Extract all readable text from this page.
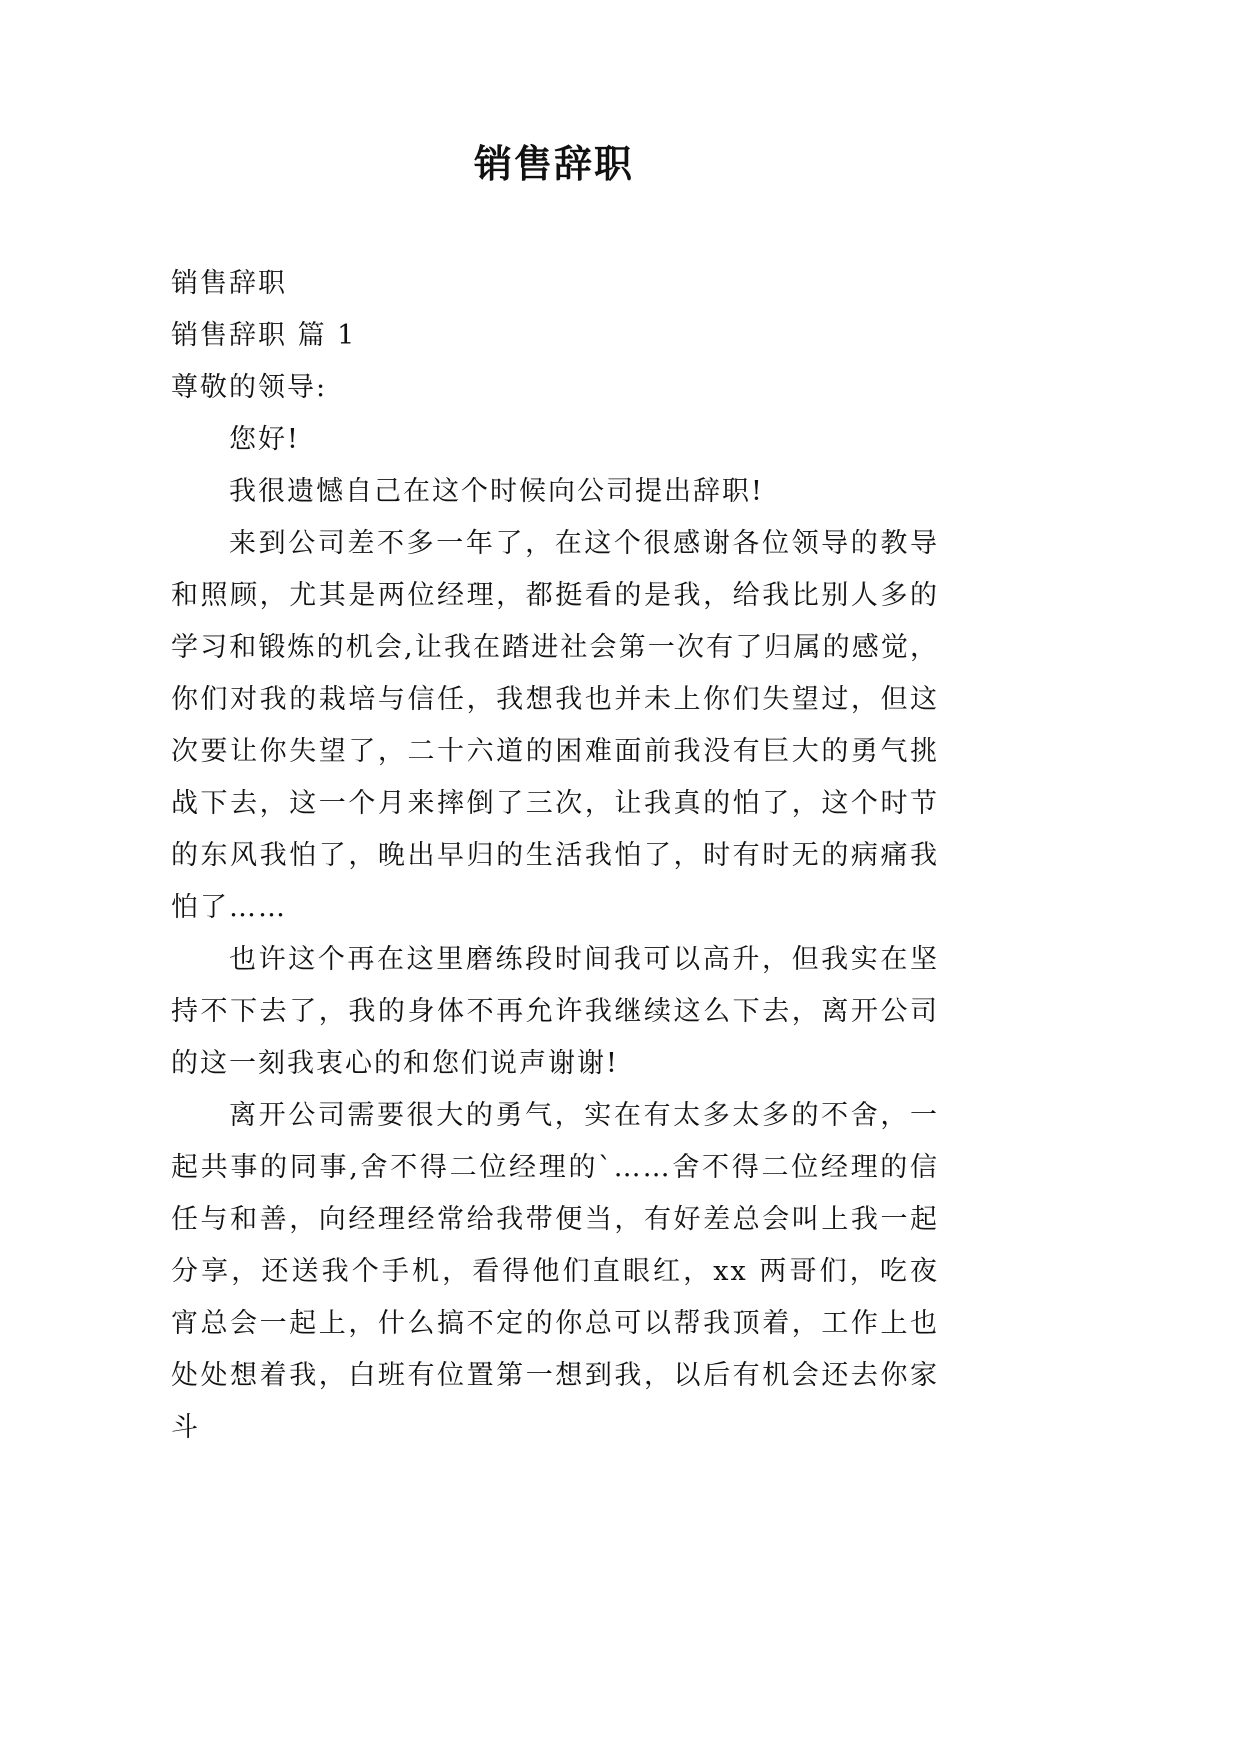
销售辞职

销售辞职

销售辞职 篇 1

尊敬的领导:

您好!

我很遗憾自己在这个时候向公司提出辞职!

来到公司差不多一年了，在这个很感谢各位领导的教导和照顾，尤其是两位经理，都挺看的是我，给我比别人多的学习和锻炼的机会,让我在踏进社会第一次有了归属的感觉，你们对我的栽培与信任，我想我也并未上你们失望过，但这次要让你失望了，二十六道的困难面前我没有巨大的勇气挑战下去，这一个月来摔倒了三次，让我真的怕了，这个时节的东风我怕了，晚出早归的生活我怕了，时有时无的病痛我怕了……

也许这个再在这里磨练段时间我可以高升，但我实在坚持不下去了，我的身体不再允许我继续这么下去，离开公司的这一刻我衷心的和您们说声谢谢!

离开公司需要很大的勇气，实在有太多太多的不舍，一起共事的同事,舍不得二位经理的`……舍不得二位经理的信任与和善，向经理经常给我带便当，有好差总会叫上我一起分享，还送我个手机，看得他们直眼红，xx 两哥们，吃夜宵总会一起上，什么搞不定的你总可以帮我顶着，工作上也处处想着我，白班有位置第一想到我，以后有机会还去你家斗
